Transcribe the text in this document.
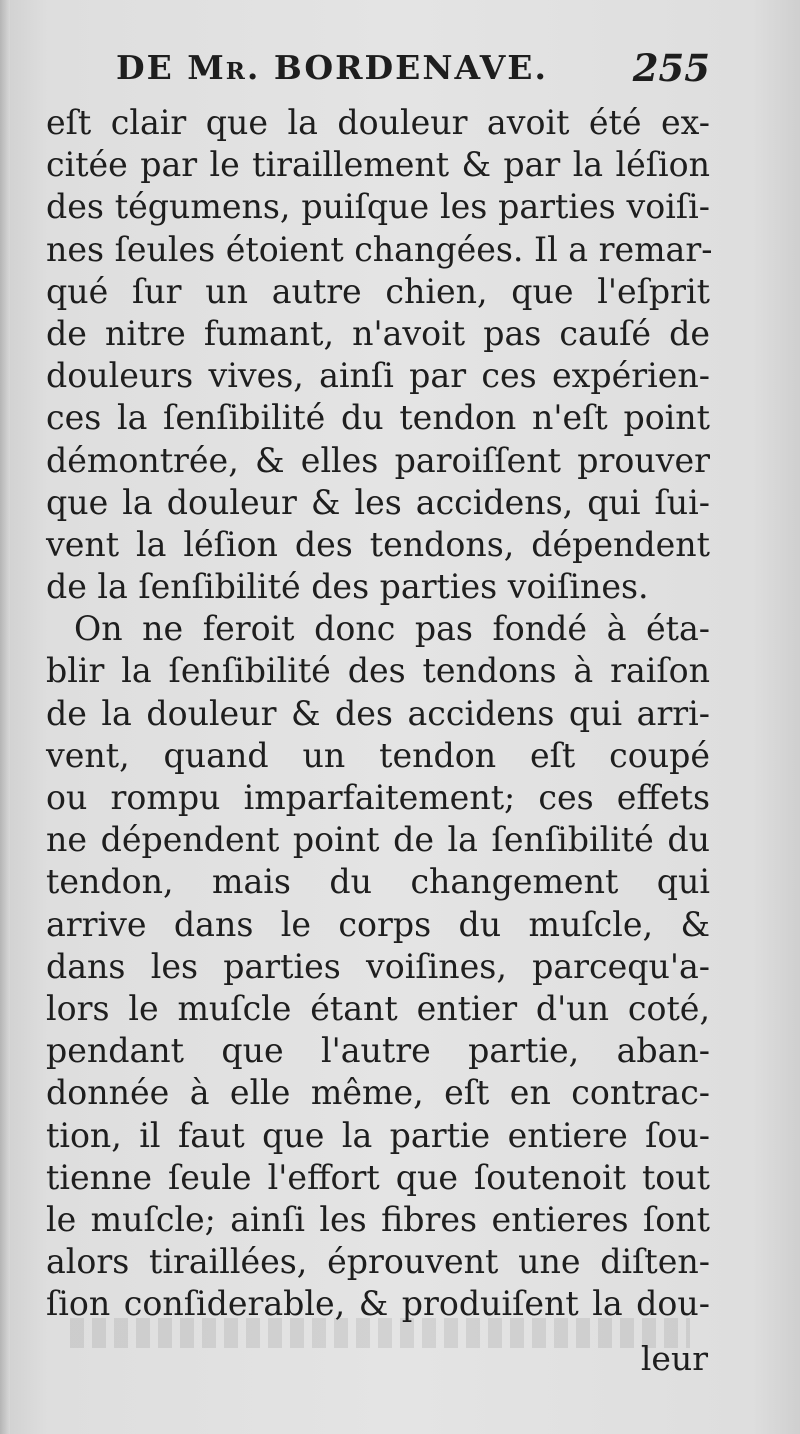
DE Mr. BORDENAVE. 255
eſt clair que la douleur avoit été ex-
citée par le tiraillement & par la léſion
des tégumens, puiſque les parties voiſi-
nes ſeules étoient changées. Il a remar-
qué ſur un autre chien, que l'eſprit
de nitre fumant, n'avoit pas cauſé de
douleurs vives, ainſi par ces expérien-
ces la ſenſibilité du tendon n'eſt point
démontrée, & elles paroiſſent prouver
que la douleur & les accidens, qui ſui-
vent la léſion des tendons, dépendent
de la ſenſibilité des parties voiſines.
On ne feroit donc pas fondé à éta-
blir la ſenſibilité des tendons à raiſon
de la douleur & des accidens qui arri-
vent, quand un tendon eſt coupé
ou rompu imparfaitement; ces effets
ne dépendent point de la ſenſibilité du
tendon, mais du changement qui
arrive dans le corps du muſcle, &
dans les parties voiſines, parcequ'a-
lors le muſcle étant entier d'un coté,
pendant que l'autre partie, aban-
donnée à elle même, eſt en contrac-
tion, il faut que la partie entiere ſou-
tienne ſeule l'effort que ſoutenoit tout
le muſcle; ainſi les fibres entieres ſont
alors tiraillées, éprouvent une diſten-
ſion conſiderable, & produiſent la dou-
leur
